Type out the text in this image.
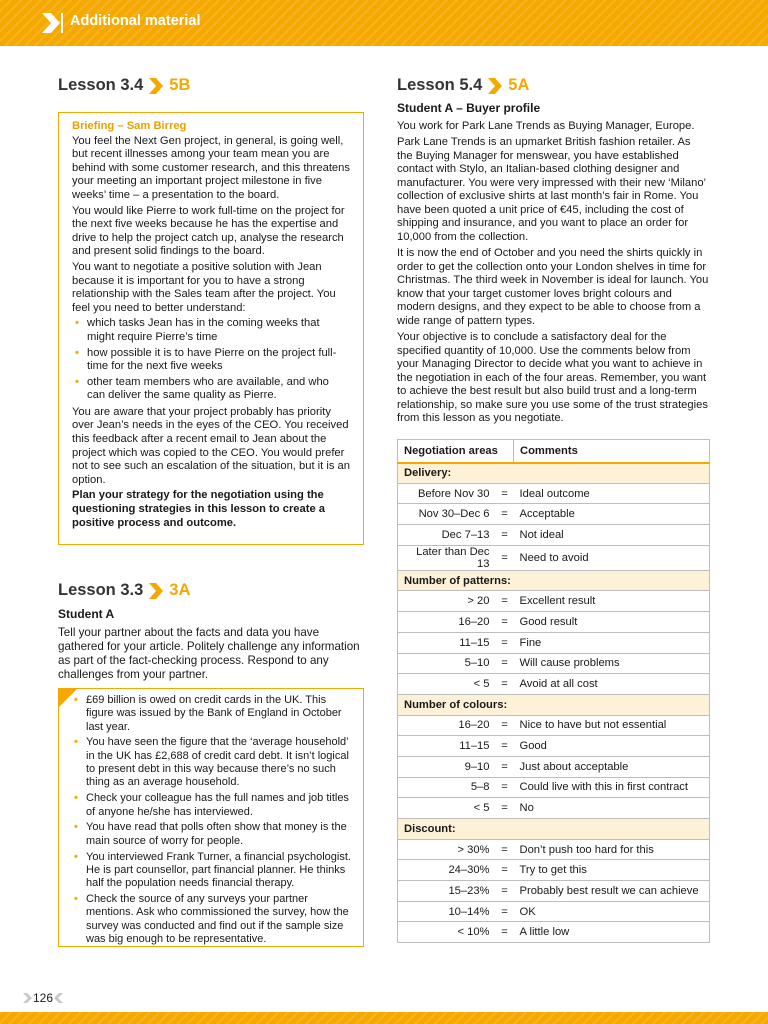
Additional material
Lesson 3.4 5B
Briefing – Sam Birreg

You feel the Next Gen project, in general, is going well, but recent illnesses among your team mean you are behind with some customer research, and this threatens your meeting an important project milestone in five weeks’ time – a presentation to the board.

You would like Pierre to work full-time on the project for the next five weeks because he has the expertise and drive to help the project catch up, analyse the research and present solid findings to the board.

You want to negotiate a positive solution with Jean because it is important for you to have a strong relationship with the Sales team after the project. You feel you need to better understand:

• which tasks Jean has in the coming weeks that might require Pierre’s time
• how possible it is to have Pierre on the project full-time for the next five weeks
• other team members who are available, and who can deliver the same quality as Pierre.

You are aware that your project probably has priority over Jean’s needs in the eyes of the CEO. You received this feedback after a recent email to Jean about the project which was copied to the CEO. You would prefer not to see such an escalation of the situation, but it is an option.

Plan your strategy for the negotiation using the questioning strategies in this lesson to create a positive process and outcome.

Lesson 3.3 3A
Student A
Tell your partner about the facts and data you have gathered for your article. Politely challenge any information as part of the fact-checking process. Respond to any challenges from your partner.
• £69 billion is owed on credit cards in the UK. This figure was issued by the Bank of England in October last year.
• You have seen the figure that the ‘average household’ in the UK has £2,688 of credit card debt. It isn’t logical to present debt in this way because there’s no such thing as an average household.
• Check your colleague has the full names and job titles of anyone he/she has interviewed.
• You have read that polls often show that money is the main source of worry for people.
• You interviewed Frank Turner, a financial psychologist. He is part counsellor, part financial planner. He thinks half the population needs financial therapy.
• Check the source of any surveys your partner mentions. Ask who commissioned the survey, how the survey was conducted and find out if the sample size was big enough to be representative.
Lesson 5.4 5A
Student A – Buyer profile

You work for Park Lane Trends as Buying Manager, Europe.

Park Lane Trends is an upmarket British fashion retailer. As the Buying Manager for menswear, you have established contact with Stylo, an Italian-based clothing designer and manufacturer. You were very impressed with their new ‘Milano’ collection of exclusive shirts at last month’s fair in Rome. You have been quoted a unit price of €45, including the cost of shipping and insurance, and you want to place an order for 10,000 from the collection.

It is now the end of October and you need the shirts quickly in order to get the collection onto your London shelves in time for Christmas. The third week in November is ideal for launch. You know that your target customer loves bright colours and modern designs, and they expect to be able to choose from a wide range of pattern types.

Your objective is to conclude a satisfactory deal for the specified quantity of 10,000. Use the comments below from your Managing Director to decide what you want to achieve in the negotiation in each of the four areas. Remember, you want to achieve the best result but also build trust and a long-term relationship, so make sure you use some of the trust strategies from this lesson as you negotiate.

Negotiation areas		Comments
Delivery:		
Before Nov 30	=	Ideal outcome
Nov 30–Dec 6	=	Acceptable
Dec 7–13	=	Not ideal
Later than Dec 13	=	Need to avoid
Number of patterns:		
> 20	=	Excellent result
16–20	=	Good result
11–15	=	Fine
5–10	=	Will cause problems
< 5	=	Avoid at all cost
Number of colours:		
16–20	=	Nice to have but not essential
11–15	=	Good
9–10	=	Just about acceptable
5–8	=	Could live with this in first contract
< 5	=	No
Discount:		
> 30%	=	Don’t push too hard for this
24–30%	=	Try to get this
15–23%	=	Probably best result we can achieve
10–14%	=	OK
< 10%	=	A little low
126
